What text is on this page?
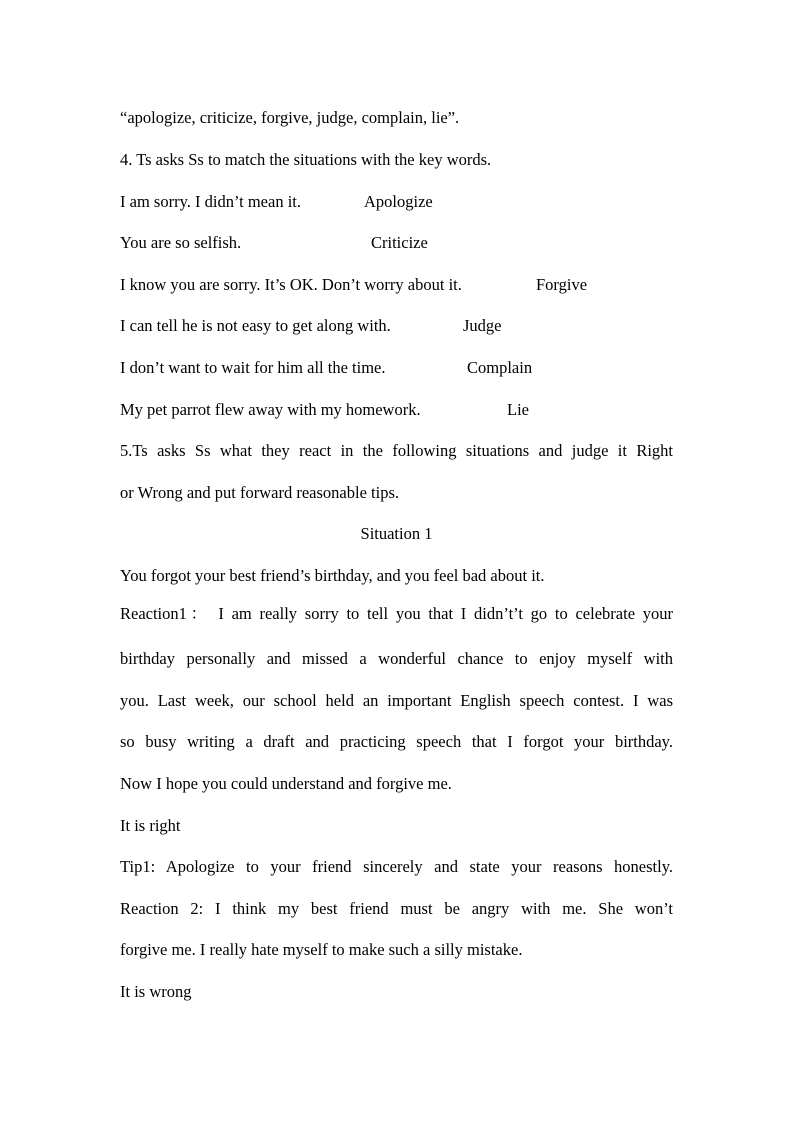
“apologize, criticize, forgive, judge, complain, lie”.
4. Ts asks Ss to match the situations with the key words.
I am sorry. I didn’t mean it.	Apologize
You are so selfish.	Criticize
I know you are sorry. It’s OK. Don’t worry about it.	Forgive
I can tell he is not easy to get along with.	Judge
I don’t want to wait for him all the time.	Complain
My pet parrot flew away with my homework.	Lie
5.Ts asks Ss what they react in the following situations and judge it Right
or Wrong and put forward reasonable tips.
Situation 1
You forgot your best friend’s birthday, and you feel bad about it.
Reaction1： I am really sorry to tell you that I didn’t’t go to celebrate your
birthday personally and missed a wonderful chance to enjoy myself with
you. Last week, our school held an important English speech contest. I was
so busy writing a draft and practicing speech that I forgot your birthday.
Now I hope you could understand and forgive me.
It is right
Tip1: Apologize to your friend sincerely and state your reasons honestly.
Reaction 2: I think my best friend must be angry with me. She won’t
forgive me. I really hate myself to make such a silly mistake.
It is wrong
